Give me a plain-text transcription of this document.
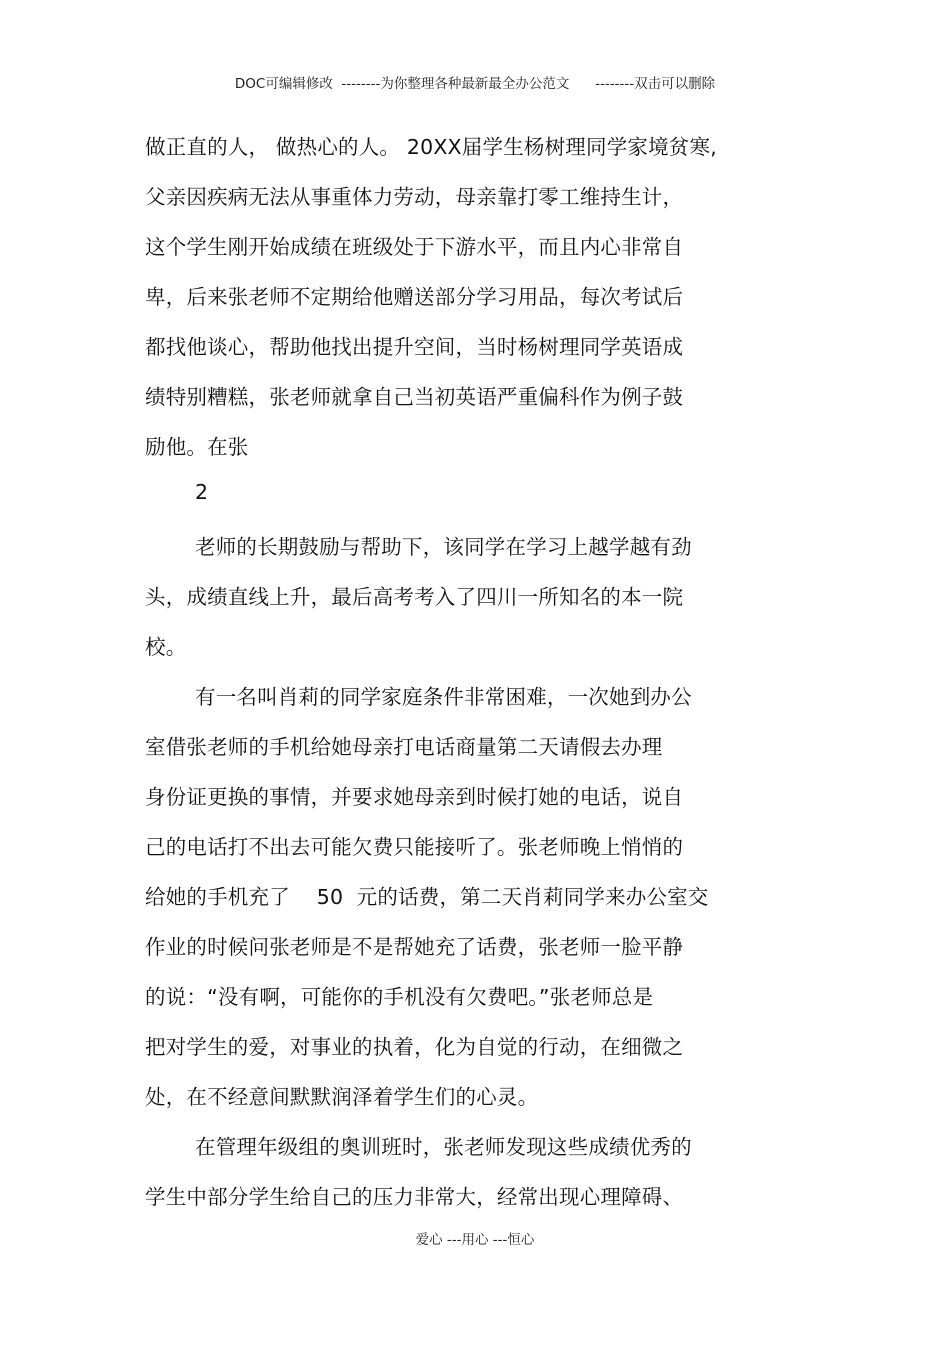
DOC可编辑修改  --------为你整理各种最新最全办公范文      --------双击可以删除
做正直的人， 做热心的人。 20XX届学生杨树理同学家境贫寒,
父亲因疾病无法从事重体力劳动，母亲靠打零工维持生计，
这个学生刚开始成绩在班级处于下游水平，而且内心非常自
卑，后来张老师不定期给他赠送部分学习用品，每次考试后
都找他谈心，帮助他找出提升空间，当时杨树理同学英语成
绩特别糟糕，张老师就拿自己当初英语严重偏科作为例子鼓
励他。在张
2
老师的长期鼓励与帮助下，该同学在学习上越学越有劲
头，成绩直线上升，最后高考考入了四川一所知名的本一院
校。
有一名叫肖莉的同学家庭条件非常困难，一次她到办公
室借张老师的手机给她母亲打电话商量第二天请假去办理
身份证更换的事情，并要求她母亲到时候打她的电话，说自
己的电话打不出去可能欠费只能接听了。张老师晚上悄悄的
给她的手机充了    50  元的话费，第二天肖莉同学来办公室交
作业的时候问张老师是不是帮她充了话费，张老师一脸平静
的说：“没有啊，可能你的手机没有欠费吧。”张老师总是
把对学生的爱，对事业的执着，化为自觉的行动，在细微之
处，在不经意间默默润泽着学生们的心灵。
在管理年级组的奥训班时，张老师发现这些成绩优秀的
学生中部分学生给自己的压力非常大，经常出现心理障碍、
爱心 ---用心 ---恒心
